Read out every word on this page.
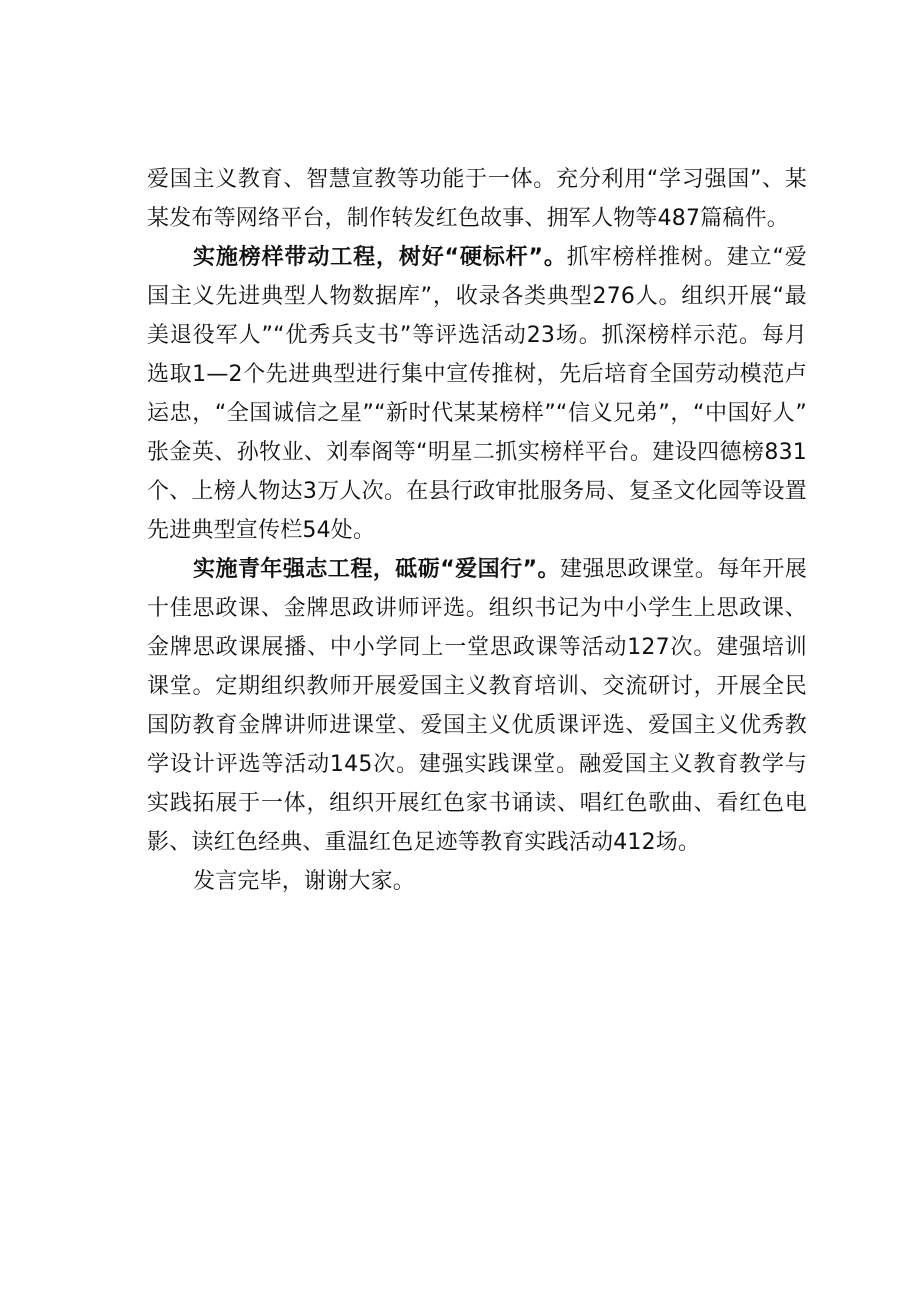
爱国主义教育、智慧宣教等功能于一体。充分利用“学习强国”、某某发布等网络平台，制作转发红色故事、拥军人物等487篇稿件。

实施榜样带动工程，树好“硬标杆”。抓牢榜样推树。建立“爱国主义先进典型人物数据库”，收录各类典型276人。组织开展“最美退役军人”“优秀兵支书”等评选活动23场。抓深榜样示范。每月选取1—2个先进典型进行集中宣传推树，先后培育全国劳动模范卢运忠，“全国诚信之星”“新时代某某榜样”“信义兄弟”，“中国好人”张金英、孙牧业、刘奉阁等“明星二抓实榜样平台。建设四德榜831个、上榜人物达3万人次。在县行政审批服务局、复圣文化园等设置先进典型宣传栏54处。

实施青年强志工程，砥砺“爱国行”。建强思政课堂。每年开展十佳思政课、金牌思政讲师评选。组织书记为中小学生上思政课、金牌思政课展播、中小学同上一堂思政课等活动127次。建强培训课堂。定期组织教师开展爱国主义教育培训、交流研讨，开展全民国防教育金牌讲师进课堂、爱国主义优质课评选、爱国主义优秀教学设计评选等活动145次。建强实践课堂。融爱国主义教育教学与实践拓展于一体，组织开展红色家书诵读、唱红色歌曲、看红色电影、读红色经典、重温红色足迹等教育实践活动412场。

发言完毕，谢谢大家。
